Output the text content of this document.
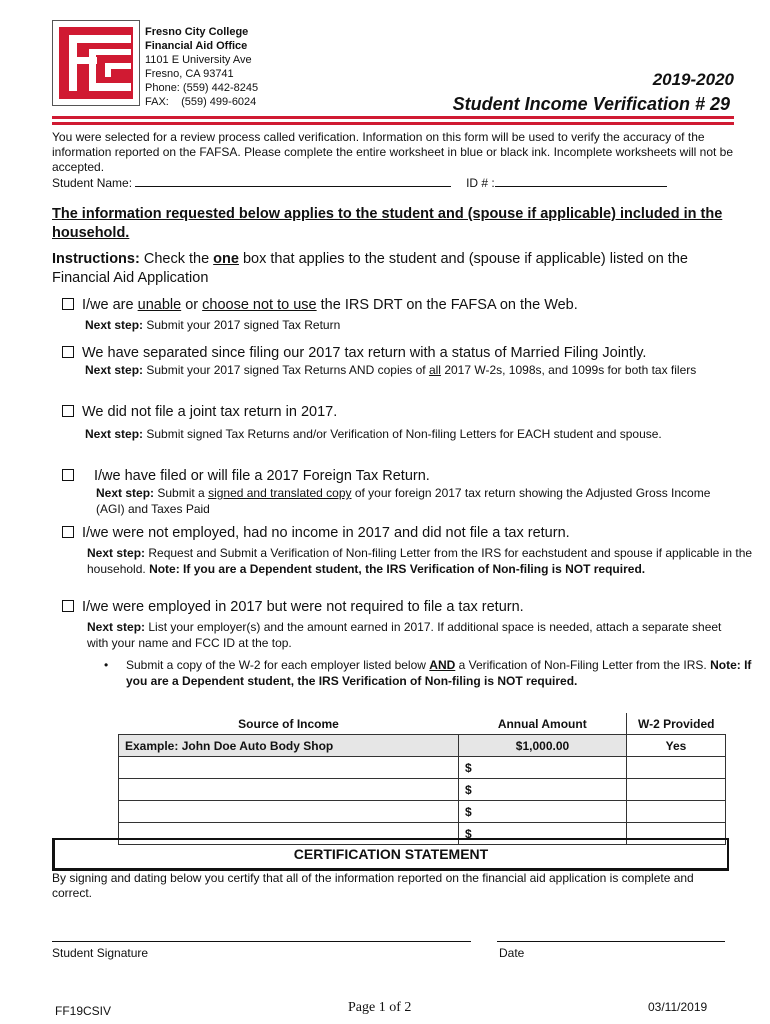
Fresno City College
Financial Aid Office
1101 E University Ave
Fresno, CA 93741
Phone: (559) 442-8245
FAX:    (559) 499-6024
2019-2020
Student Income Verification # 29
You were selected for a review process called verification. Information on this form will be used to verify the accuracy of the information reported on the FAFSA. Please complete the entire worksheet in blue or black ink. Incomplete worksheets will not be accepted.
Student Name:	ID # :
The information requested below applies to the student and (spouse if applicable) included in the household.
Instructions: Check the one box that applies to the student and (spouse if applicable) listed on the Financial Aid Application
I/we are unable or choose not to use the IRS DRT on the FAFSA on the Web.
Next step: Submit your 2017 signed Tax Return
We have separated since filing our 2017 tax return with a status of Married Filing Jointly.
Next step: Submit your 2017 signed Tax Returns AND copies of all 2017 W-2s, 1098s, and 1099s for both tax filers
We did not file a joint tax return in 2017.
Next step: Submit signed Tax Returns and/or Verification of Non-filing Letters for EACH student and spouse.
I/we have filed or will file a 2017 Foreign Tax Return.
Next step: Submit a signed and translated copy of your foreign 2017 tax return showing the Adjusted Gross Income (AGI) and Taxes Paid
I/we were not employed, had no income in 2017 and did not file a tax return.
Next step: Request and Submit a Verification of Non-filing Letter from the IRS for eachstudent and spouse if applicable in the household. Note: If you are a Dependent student, the IRS Verification of Non-filing is NOT required.
I/we were employed in 2017 but were not required to file a tax return.
Next step: List your employer(s) and the amount earned in 2017. If additional space is needed, attach a separate sheet with your name and FCC ID at the top.
•	Submit a copy of the W-2 for each employer listed below AND a Verification of Non-Filing Letter from the IRS. Note: If you are a Dependent student, the IRS Verification of Non-filing is NOT required.
Source of Income	Annual Amount	W-2 Provided
Example: John Doe Auto Body Shop	$1,000.00	Yes
	$	
	$	
	$	
	$	
CERTIFICATION STATEMENT
By signing and dating below you certify that all of the information reported on the financial aid application is complete and correct.
Student Signature	Date
FF19CSIV	Page 1 of 2	03/11/2019
